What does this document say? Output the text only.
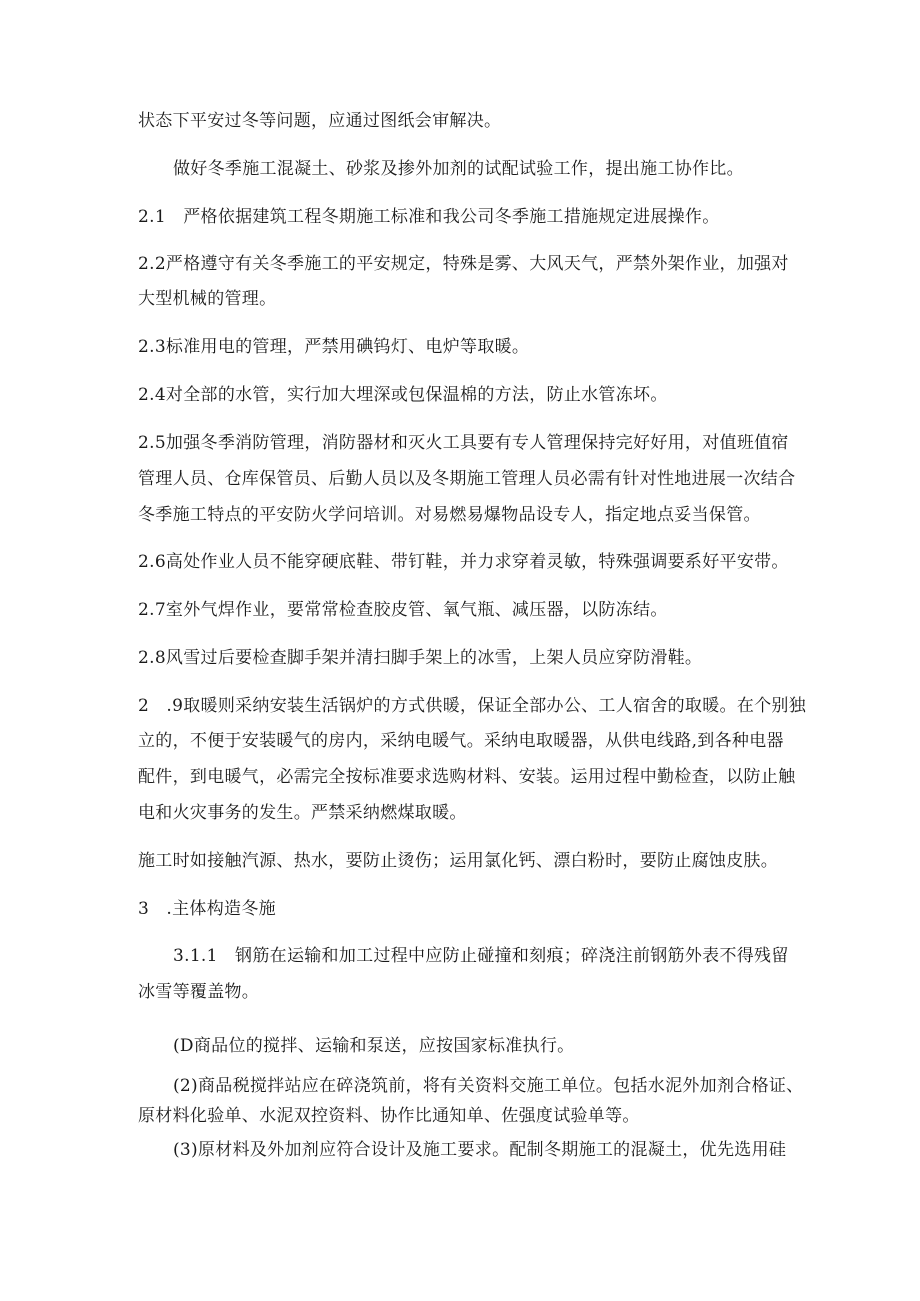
状态下平安过冬等问题，应通过图纸会审解决。

做好冬季施工混凝土、砂浆及掺外加剂的试配试验工作，提出施工协作比。

2.1　严格依据建筑工程冬期施工标准和我公司冬季施工措施规定进展操作。

2.2严格遵守有关冬季施工的平安规定，特殊是雾、大风天气，严禁外架作业，加强对

大型机械的管理。

2.3标准用电的管理，严禁用碘钨灯、电炉等取暖。

2.4对全部的水管，实行加大埋深或包保温棉的方法，防止水管冻坏。

2.5加强冬季消防管理，消防器材和灭火工具要有专人管理保持完好好用，对值班值宿

管理人员、仓库保管员、后勤人员以及冬期施工管理人员必需有针对性地进展一次结合

冬季施工特点的平安防火学问培训。对易燃易爆物品设专人，指定地点妥当保管。

2.6高处作业人员不能穿硬底鞋、带钉鞋，并力求穿着灵敏，特殊强调要系好平安带。

2.7室外气焊作业，要常常检查胶皮管、氧气瓶、减压器，以防冻结。

2.8风雪过后要检查脚手架并清扫脚手架上的冰雪，上架人员应穿防滑鞋。

2　.9取暖则采纳安装生活锅炉的方式供暖，保证全部办公、工人宿舍的取暖。在个别独

立的，不便于安装暖气的房内，采纳电暖气。采纳电取暖器，从供电线路,到各种电器

配件，到电暖气，必需完全按标准要求选购材料、安装。运用过程中勤检查，以防止触

电和火灾事务的发生。严禁采纳燃煤取暖。

施工时如接触汽源、热水，要防止烫伤；运用氯化钙、漂白粉时，要防止腐蚀皮肤。

3　.主体构造冬施

3.1.1　钢筋在运输和加工过程中应防止碰撞和刻痕；碎浇注前钢筋外表不得残留

冰雪等覆盖物。

(D商品位的搅拌、运输和泵送，应按国家标准执行。

(2)商品税搅拌站应在碎浇筑前，将有关资料交施工单位。包括水泥外加剂合格证、

原材料化验单、水泥双控资料、协作比通知单、佐强度试验单等。

(3)原材料及外加剂应符合设计及施工要求。配制冬期施工的混凝土，优先选用硅
